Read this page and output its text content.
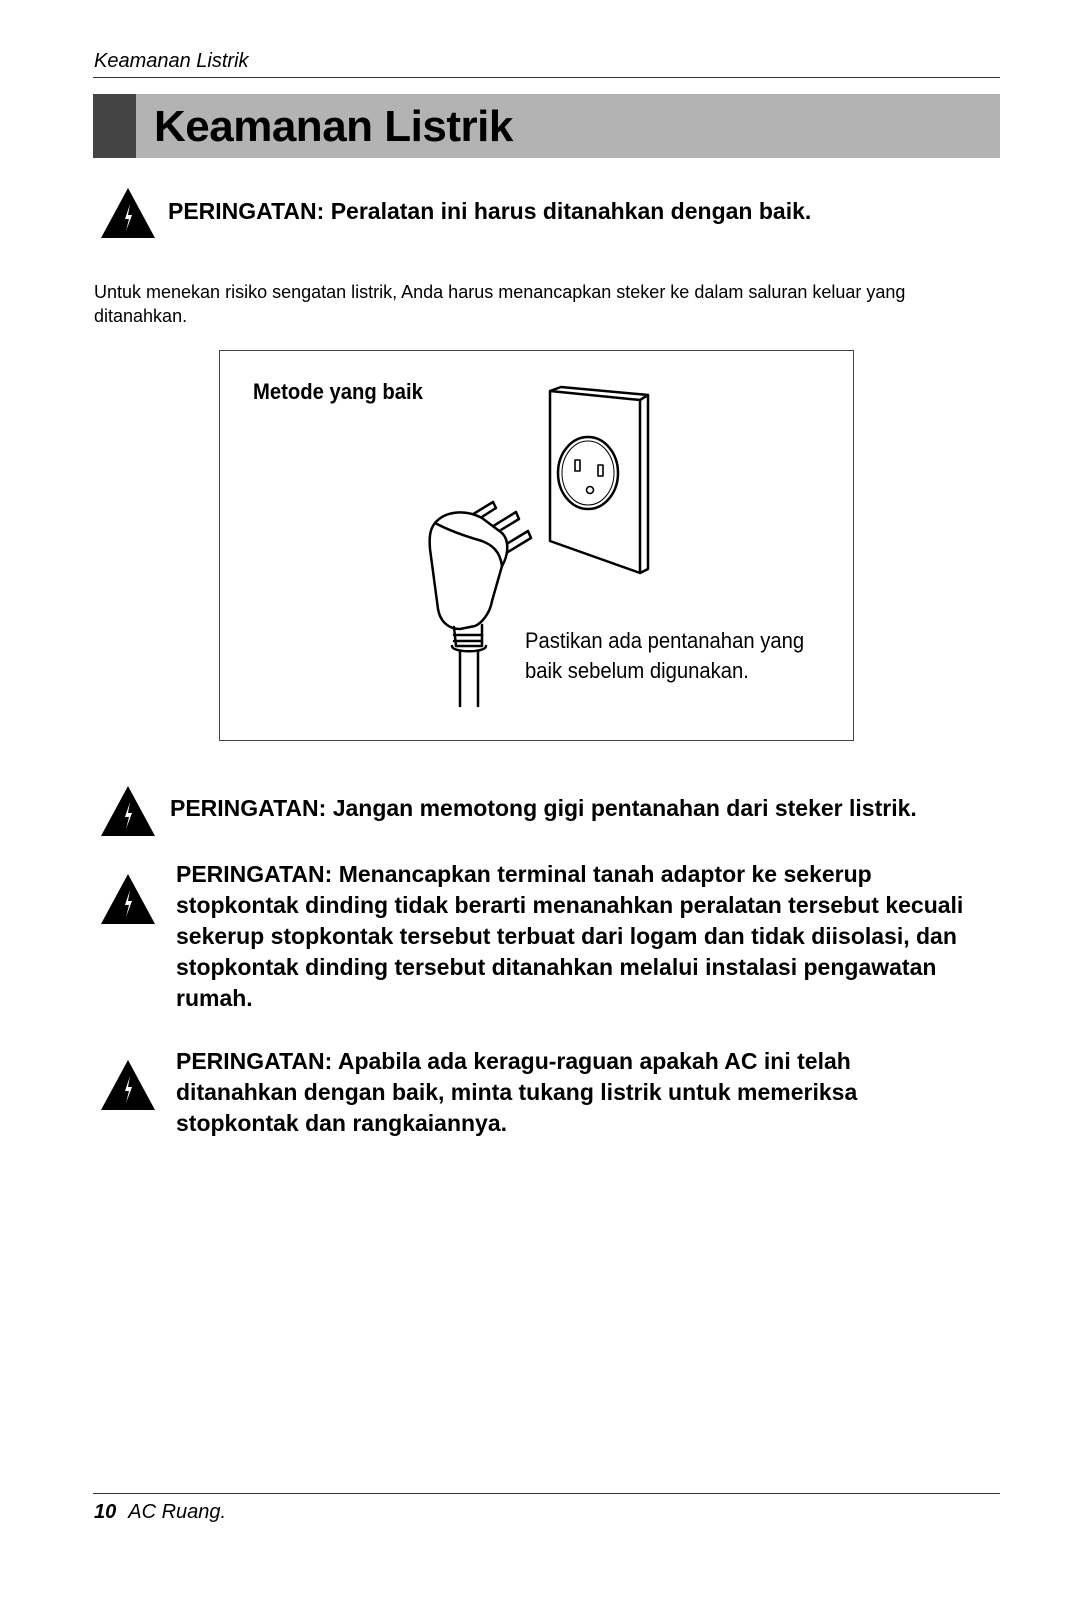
Keamanan Listrik
Keamanan Listrik
PERINGATAN: Peralatan ini harus ditanahkan dengan baik.
Untuk menekan risiko sengatan listrik, Anda harus menancapkan steker ke dalam saluran keluar yang ditanahkan.
Metode yang baik
Pastikan ada pentanahan yang baik sebelum digunakan.
PERINGATAN: Jangan memotong gigi pentanahan dari steker listrik.
PERINGATAN: Menancapkan terminal tanah adaptor ke sekerup stopkontak dinding tidak berarti menanahkan peralatan tersebut kecuali sekerup stopkontak tersebut terbuat dari logam dan tidak diisolasi, dan stopkontak dinding tersebut ditanahkan melalui instalasi pengawatan rumah.
PERINGATAN: Apabila ada keragu-raguan apakah AC ini telah ditanahkan dengan baik, minta tukang listrik untuk memeriksa stopkontak dan rangkaiannya.
10 AC Ruang.
